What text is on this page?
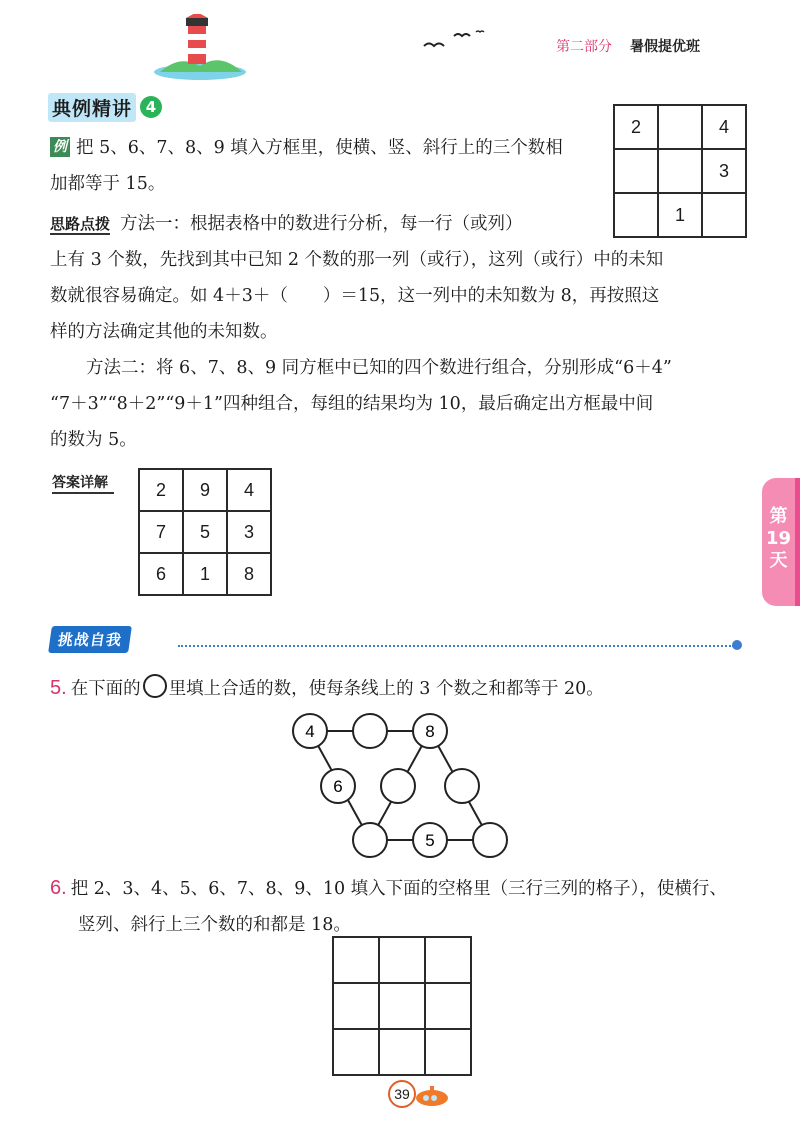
第二部分 暑假提优班
典例精讲 4
例 把 5、6、7、8、9 填入方框里，使横、竖、斜行上的三个数相
加都等于 15。
2		4
		3
	1	
思路点拨 方法一：根据表格中的数进行分析，每一行（或列）
上有 3 个数，先找到其中已知 2 个数的那一列（或行），这列（或行）中的未知
数就很容易确定。如 4＋3＋（　　）＝15，这一列中的未知数为 8，再按照这
样的方法确定其他的未知数。
方法二：将 6、7、8、9 同方框中已知的四个数进行组合，分别形成“6＋4”
“7＋3”“8＋2”“9＋1”四种组合，每组的结果均为 10，最后确定出方框最中间
的数为 5。
答案详解	2	9	4
7	5	3
6	1	8
第
19
天
挑战自我
5. 在下面的 里填上合适的数，使每条线上的 3 个数之和都等于 20。
4	8
6
5
6. 把 2、3、4、5、6、7、8、9、10 填入下面的空格里（三行三列的格子），使横行、
竖列、斜行上三个数的和都是 18。

39
